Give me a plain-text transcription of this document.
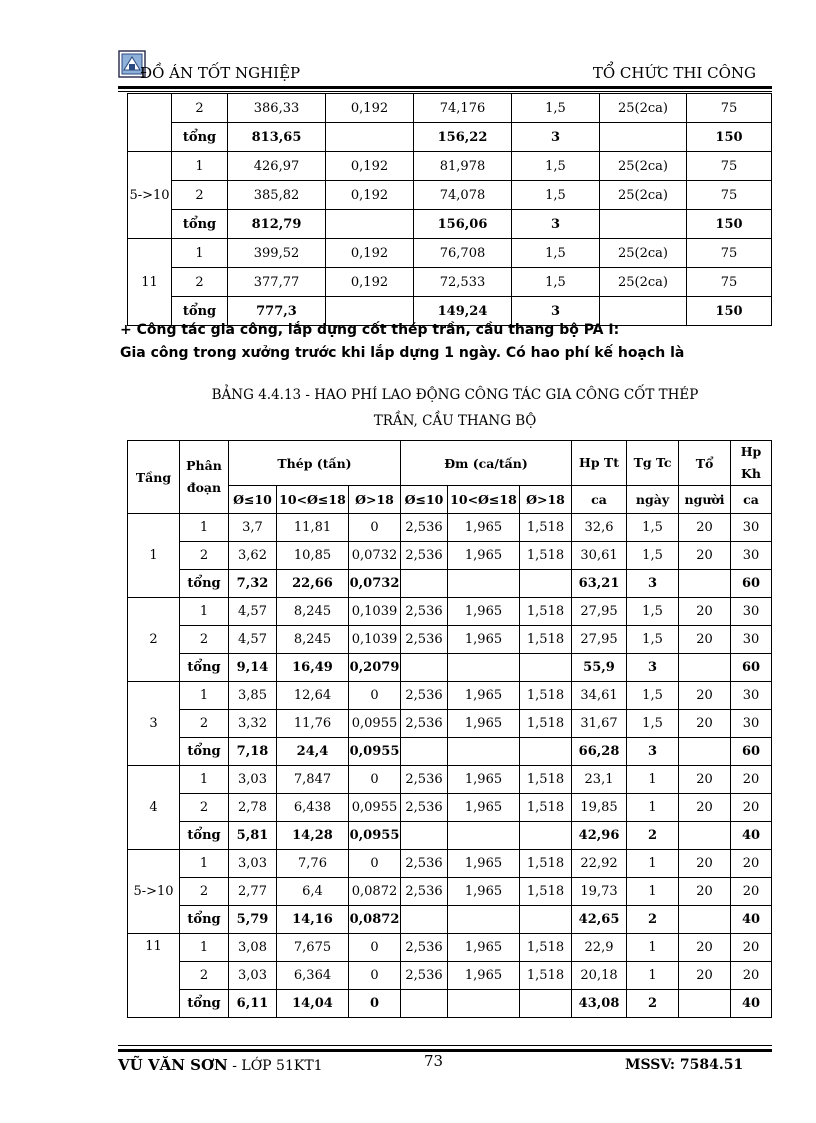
ĐỒ ÁN TỐT NGHIỆP	TỔ CHỨC THI CÔNG
	2	386,33	0,192	74,176	1,5	25(2ca)	75
	tổng	813,65		156,22	3		150
5->10	1	426,97	0,192	81,978	1,5	25(2ca)	75
	2	385,82	0,192	74,078	1,5	25(2ca)	75
	tổng	812,79		156,06	3		150
11	1	399,52	0,192	76,708	1,5	25(2ca)	75
	2	377,77	0,192	72,533	1,5	25(2ca)	75
	tổng	777,3		149,24	3		150
+ Công tác gia công, lắp dựng cốt thép trần, cầu thang bộ PA I:
Gia công trong xưởng trước khi lắp dựng 1 ngày. Có hao phí kế hoạch là
BẢNG 4.4.13 - HAO PHÍ LAO ĐỘNG CÔNG TÁC GIA CÔNG CỐT THÉP
TRẦN, CẦU THANG BỘ
Tầng	Phân đoạn	Thép (tấn)			Đm (ca/tấn)			Hp Tt	Tg Tc	Tổ	Hp Kh

		Ø≤10	10<Ø≤18	Ø>18	Ø≤10	10<Ø≤18	Ø>18	ca	ngày	người	ca
1	1	3,7	11,81	0	2,536	1,965	1,518	32,6	1,5	20	30
	2	3,62	10,85	0,0732	2,536	1,965	1,518	30,61	1,5	20	30
	tổng	7,32	22,66	0,0732				63,21	3		60
2	1	4,57	8,245	0,1039	2,536	1,965	1,518	27,95	1,5	20	30
	2	4,57	8,245	0,1039	2,536	1,965	1,518	27,95	1,5	20	30
	tổng	9,14	16,49	0,2079				55,9	3		60
3	1	3,85	12,64	0	2,536	1,965	1,518	34,61	1,5	20	30
	2	3,32	11,76	0,0955	2,536	1,965	1,518	31,67	1,5	20	30
	tổng	7,18	24,4	0,0955				66,28	3		60
4	1	3,03	7,847	0	2,536	1,965	1,518	23,1	1	20	20
	2	2,78	6,438	0,0955	2,536	1,965	1,518	19,85	1	20	20
	tổng	5,81	14,28	0,0955				42,96	2		40
5->10	1	3,03	7,76	0	2,536	1,965	1,518	22,92	1	20	20
	2	2,77	6,4	0,0872	2,536	1,965	1,518	19,73	1	20	20
	tổng	5,79	14,16	0,0872				42,65	2		40
11	1	3,08	7,675	0	2,536	1,965	1,518	22,9	1	20	20
	2	3,03	6,364	0	2,536	1,965	1,518	20,18	1	20	20
	tổng	6,11	14,04	0				43,08	2		40
VŨ VĂN SƠN - LỚP 51KT1	73	MSSV: 7584.51
